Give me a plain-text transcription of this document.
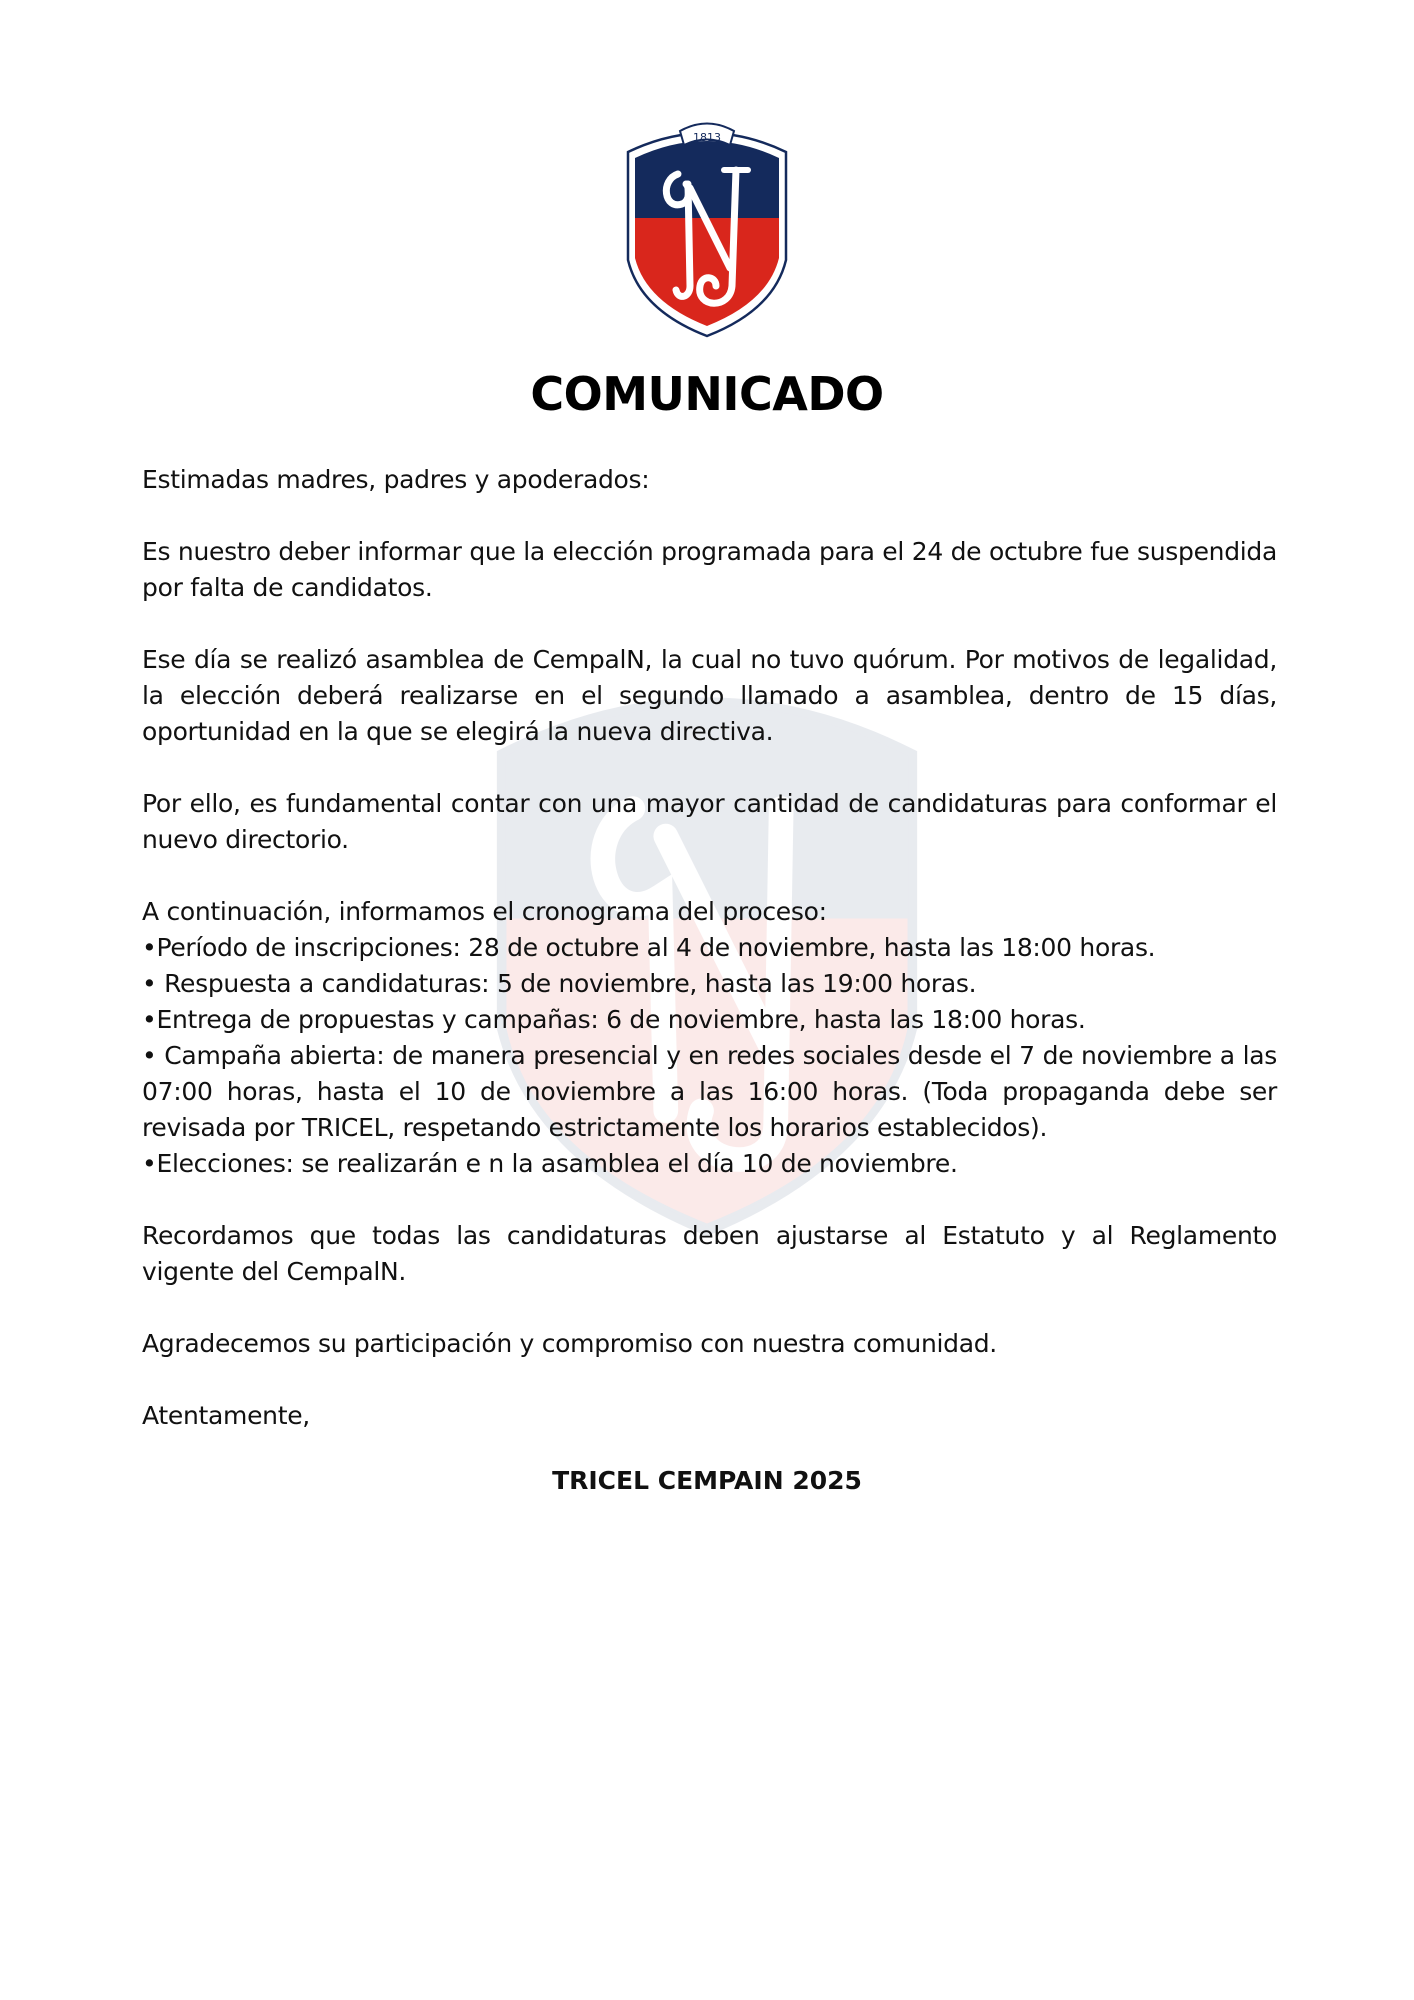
1813
COMUNICADO

Estimadas madres, padres y apoderados:

Es nuestro deber informar que la elección programada para el 24 de octubre fue suspendida por falta de candidatos.

Ese día se realizó asamblea de CempalN, la cual no tuvo quórum. Por motivos de legalidad, la elección deberá realizarse en el segundo llamado a asamblea, dentro de 15 días, oportunidad en la que se elegirá la nueva directiva.

Por ello, es fundamental contar con una mayor cantidad de candidaturas para conformar el nuevo directorio.

A continuación, informamos el cronograma del proceso:
•Período de inscripciones: 28 de octubre al 4 de noviembre, hasta las 18:00 horas.
• Respuesta a candidaturas: 5 de noviembre, hasta las 19:00 horas.
•Entrega de propuestas y campañas: 6 de noviembre, hasta las 18:00 horas.
• Campaña abierta: de manera presencial y en redes sociales desde el 7 de noviembre a las 07:00 horas, hasta el 10 de noviembre a las 16:00 horas. (Toda propaganda debe ser revisada por TRICEL, respetando estrictamente los horarios establecidos).
•Elecciones: se realizarán e n la asamblea el día 10 de noviembre.

Recordamos que todas las candidaturas deben ajustarse al Estatuto y al Reglamento vigente del CempalN.

Agradecemos su participación y compromiso con nuestra comunidad.

Atentamente,

TRICEL CEMPAIN 2025
